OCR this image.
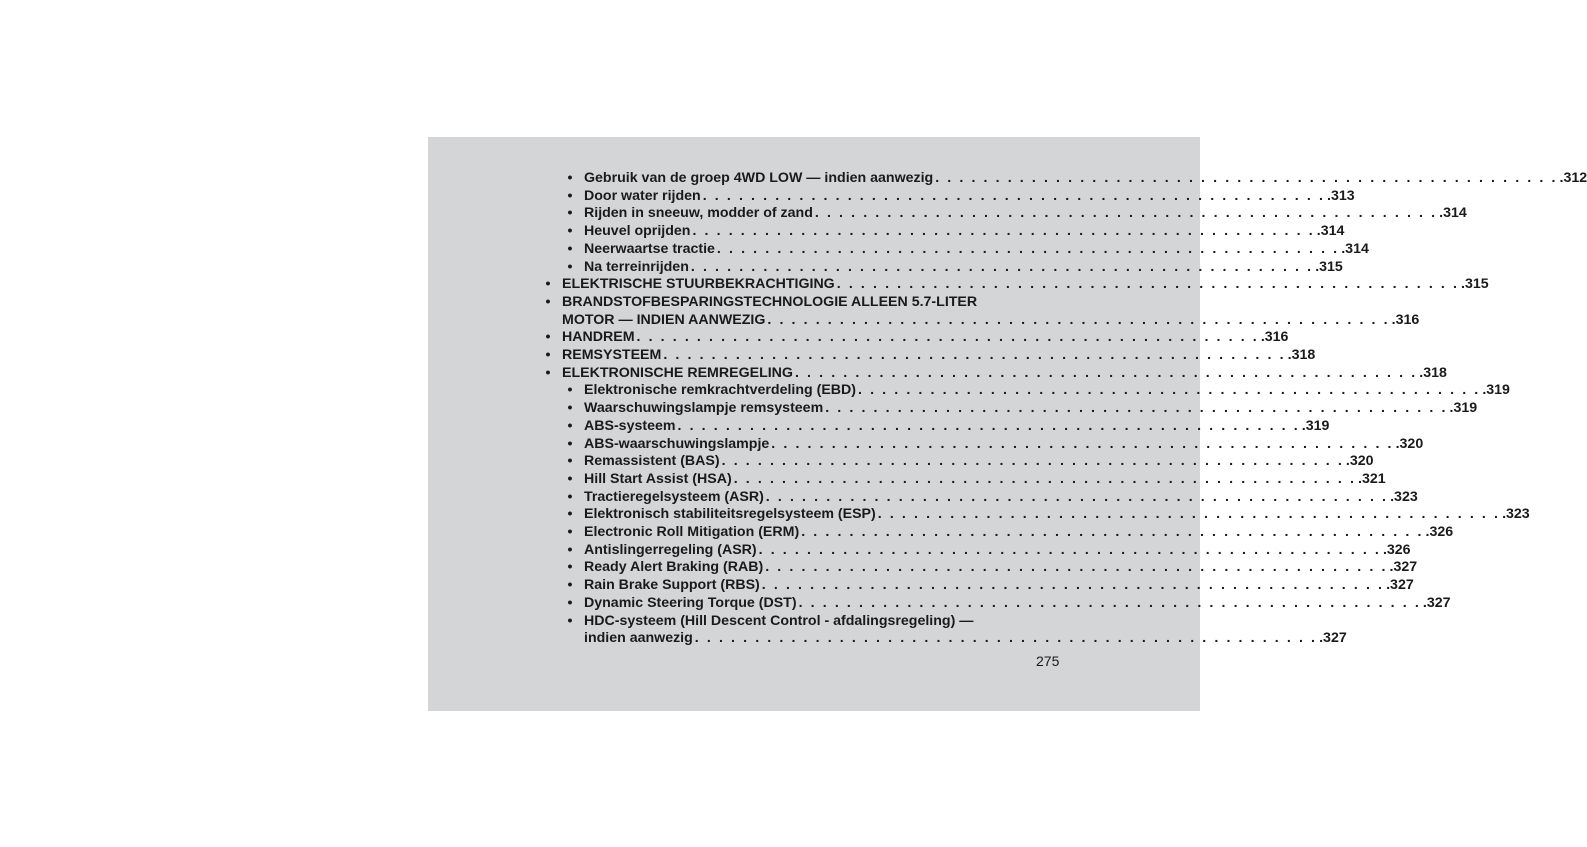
• Gebruik van de groep 4WD LOW — indien aanwezig . . . . . . . . . . . . . . . . . . . . . . . . . . . . . . . . . . . . . . . . . . . . . . . . . . . . .312
• Door water rijden . . . . . . . . . . . . . . . . . . . . . . . . . . . . . . . . . . . . . . . . . . . . . . . . . . . . .313
• Rijden in sneeuw, modder of zand . . . . . . . . . . . . . . . . . . . . . . . . . . . . . . . . . . . . . . . . . . . . . . . . . . . . .314
• Heuvel oprijden . . . . . . . . . . . . . . . . . . . . . . . . . . . . . . . . . . . . . . . . . . . . . . . . . . . . .314
• Neerwaartse tractie . . . . . . . . . . . . . . . . . . . . . . . . . . . . . . . . . . . . . . . . . . . . . . . . . . . . .314
• Na terreinrijden . . . . . . . . . . . . . . . . . . . . . . . . . . . . . . . . . . . . . . . . . . . . . . . . . . . . .315
• ELEKTRISCHE STUURBEKRACHTIGING . . . . . . . . . . . . . . . . . . . . . . . . . . . . . . . . . . . . . . . . . . . . . . . . . . . . .315
• BRANDSTOFBESPARINGSTECHNOLOGIE ALLEEN 5.7-LITER
MOTOR — INDIEN AANWEZIG . . . . . . . . . . . . . . . . . . . . . . . . . . . . . . . . . . . . . . . . . . . . . . . . . . . . .316
• HANDREM . . . . . . . . . . . . . . . . . . . . . . . . . . . . . . . . . . . . . . . . . . . . . . . . . . . . .316
• REMSYSTEEM . . . . . . . . . . . . . . . . . . . . . . . . . . . . . . . . . . . . . . . . . . . . . . . . . . . . .318
• ELEKTRONISCHE REMREGELING . . . . . . . . . . . . . . . . . . . . . . . . . . . . . . . . . . . . . . . . . . . . . . . . . . . . .318
• Elektronische remkrachtverdeling (EBD) . . . . . . . . . . . . . . . . . . . . . . . . . . . . . . . . . . . . . . . . . . . . . . . . . . . . .319
• Waarschuwingslampje remsysteem . . . . . . . . . . . . . . . . . . . . . . . . . . . . . . . . . . . . . . . . . . . . . . . . . . . . .319
• ABS-systeem . . . . . . . . . . . . . . . . . . . . . . . . . . . . . . . . . . . . . . . . . . . . . . . . . . . . .319
• ABS-waarschuwingslampje . . . . . . . . . . . . . . . . . . . . . . . . . . . . . . . . . . . . . . . . . . . . . . . . . . . . .320
• Remassistent (BAS) . . . . . . . . . . . . . . . . . . . . . . . . . . . . . . . . . . . . . . . . . . . . . . . . . . . . .320
• Hill Start Assist (HSA) . . . . . . . . . . . . . . . . . . . . . . . . . . . . . . . . . . . . . . . . . . . . . . . . . . . . .321
• Tractieregelsysteem (ASR) . . . . . . . . . . . . . . . . . . . . . . . . . . . . . . . . . . . . . . . . . . . . . . . . . . . . .323
• Elektronisch stabiliteitsregelsysteem (ESP) . . . . . . . . . . . . . . . . . . . . . . . . . . . . . . . . . . . . . . . . . . . . . . . . . . . . .323
• Electronic Roll Mitigation (ERM) . . . . . . . . . . . . . . . . . . . . . . . . . . . . . . . . . . . . . . . . . . . . . . . . . . . . .326
• Antislingerregeling (ASR) . . . . . . . . . . . . . . . . . . . . . . . . . . . . . . . . . . . . . . . . . . . . . . . . . . . . .326
• Ready Alert Braking (RAB) . . . . . . . . . . . . . . . . . . . . . . . . . . . . . . . . . . . . . . . . . . . . . . . . . . . . .327
• Rain Brake Support (RBS) . . . . . . . . . . . . . . . . . . . . . . . . . . . . . . . . . . . . . . . . . . . . . . . . . . . . .327
• Dynamic Steering Torque (DST) . . . . . . . . . . . . . . . . . . . . . . . . . . . . . . . . . . . . . . . . . . . . . . . . . . . . .327
• HDC-systeem (Hill Descent Control - afdalingsregeling) —
indien aanwezig . . . . . . . . . . . . . . . . . . . . . . . . . . . . . . . . . . . . . . . . . . . . . . . . . . . . .327
275
